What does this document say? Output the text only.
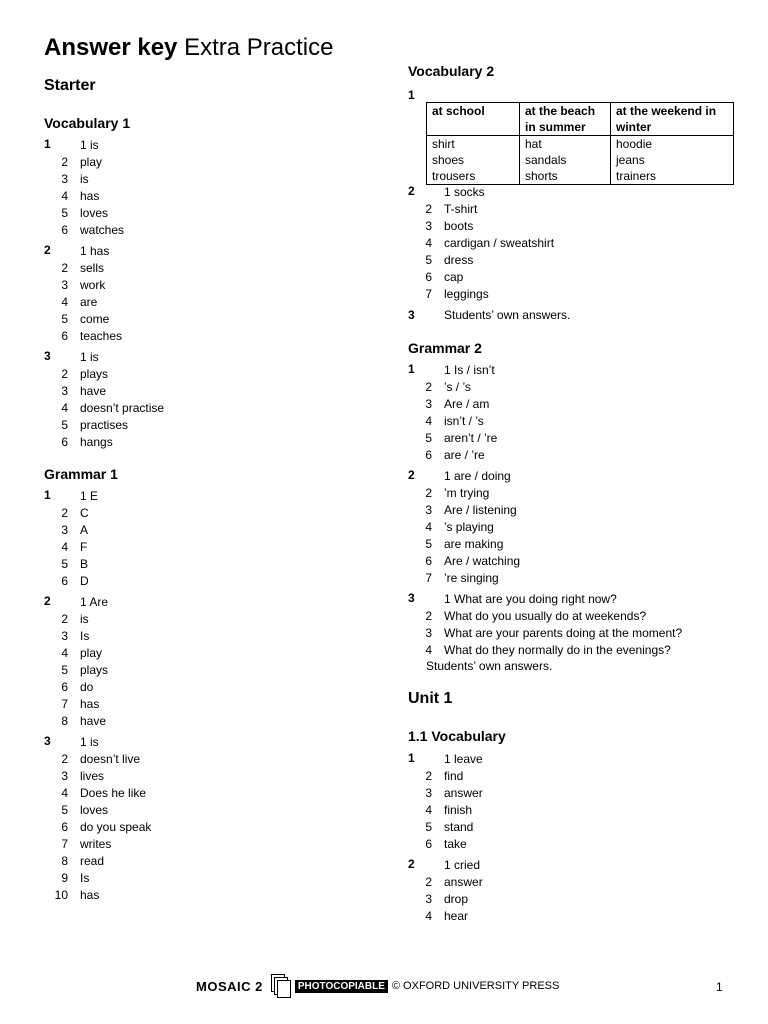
Answer key Extra Practice
Starter
Vocabulary 1
1 1 is
2 play
3 is
4 has
5 loves
6 watches
2 1 has
2 sells
3 work
4 are
5 come
6 teaches
3 1 is
2 plays
3 have
4 doesn’t practise
5 practises
6 hangs
Grammar 1
1 1 E
2 C
3 A
4 F
5 B
6 D
2 1 Are
2 is
3 Is
4 play
5 plays
6 do
7 has
8 have
3 1 is
2 doesn’t live
3 lives
4 Does he like
5 loves
6 do you speak
7 writes
8 read
9 Is
10 has
Vocabulary 2
1
at school	at the beach in summer	at the weekend in winter
shirt	hat	hoodie
shoes	sandals	jeans
trousers	shorts	trainers
2 1 socks
2 T-shirt
3 boots
4 cardigan / sweatshirt
5 dress
6 cap
7 leggings
3 Students’ own answers.
Grammar 2
1 1 Is / isn’t
2 ’s / ’s
3 Are / am
4 isn’t / ’s
5 aren’t / ’re
6 are / ’re
2 1 are / doing
2 ’m trying
3 Are / listening
4 ’s playing
5 are making
6 Are / watching
7 ’re singing
3 1 What are you doing right now?
2 What do you usually do at weekends?
3 What are your parents doing at the moment?
4 What do they normally do in the evenings?
Students’ own answers.
Unit 1
1.1 Vocabulary
1 1 leave
2 find
3 answer
4 finish
5 stand
6 take
2 1 cried
2 answer
3 drop
4 hear
MOSAIC 2	PHOTOCOPIABLE © OXFORD UNIVERSITY PRESS	1
